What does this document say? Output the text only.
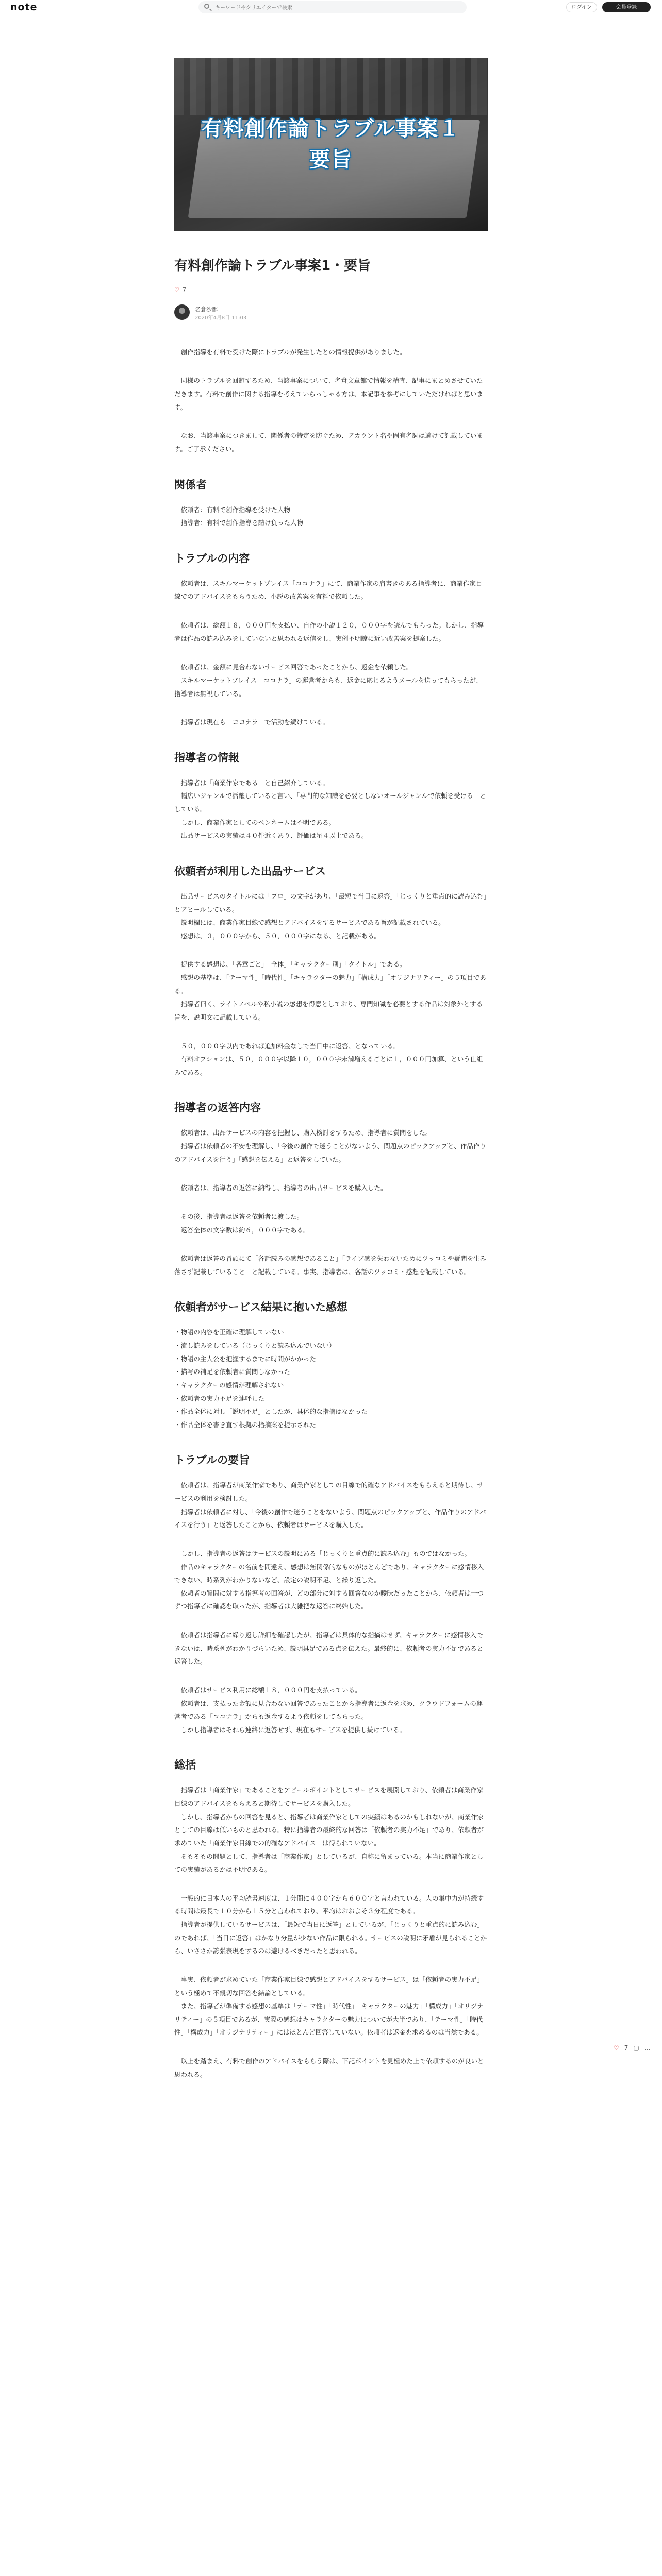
note
キーワードやクリエイターで検索	ログイン	会員登録
有料創作論トラブル事案１
要旨
有料創作論トラブル事案1・要旨
♡ 7
名倉沙都
2020年4月8日 11:03

　創作指導を有料で受けた際にトラブルが発生したとの情報提供がありました。

　同様のトラブルを回避するため、当該事案について、名倉文章館で情報を精査、記事にまとめさせていただきます。有料で創作に関する指導を考えていらっしゃる方は、本記事を参考にしていただければと思います。

　なお、当該事案につきまして、関係者の特定を防ぐため、アカウント名や固有名詞は避けて記載しています。ご了承ください。

関係者

　依頼者：有料で創作指導を受けた人物
　指導者：有料で創作指導を請け負った人物

トラブルの内容

　依頼者は、スキルマーケットプレイス「ココナラ」にて、商業作家の肩書きのある指導者に、商業作家目線でのアドバイスをもらうため、小説の改善案を有料で依頼した。

　依頼者は、総額１８，０００円を支払い、自作の小説１２０，０００字を読んでもらった。しかし、指導者は作品の読み込みをしていないと思われる返信をし、実例不明瞭に近い改善案を提案した。

　依頼者は、金額に見合わないサービス回答であったことから、返金を依頼した。
　スキルマーケットプレイス「ココナラ」の運営者からも、返金に応じるようメールを送ってもらったが、指導者は無視している。

　指導者は現在も「ココナラ」で活動を続けている。

指導者の情報

　指導者は「商業作家である」と自己紹介している。
　幅広いジャンルで活躍していると言い、「専門的な知識を必要としないオールジャンルで依頼を受ける」としている。
　しかし、商業作家としてのペンネームは不明である。
　出品サービスの実績は４０件近くあり、評価は星４以上である。

依頼者が利用した出品サービス

　出品サービスのタイトルには「プロ」の文字があり、「最短で当日に返答」「じっくりと重点的に読み込む」とアピールしている。
　説明欄には、商業作家目線で感想とアドバイスをするサービスである旨が記載されている。
　感想は、３，０００字から、５０，０００字になる、と記載がある。

　提供する感想は、「各章ごと」「全体」「キャラクター別」「タイトル」である。
　感想の基準は、「テーマ性」「時代性」「キャラクターの魅力」「構成力」「オリジナリティー」の５項目である。
　指導者曰く、ライトノベルや私小説の感想を得意としており、専門知識を必要とする作品は対象外とする旨を、説明文に記載している。

　５０，０００字以内であれば追加料金なしで当日中に返答、となっている。
　有料オプションは、５０，０００字以降１０，０００字未満増えるごとに１，０００円加算、という仕組みである。

指導者の返答内容

　依頼者は、出品サービスの内容を把握し、購入検討をするため、指導者に質問をした。
　指導者は依頼者の不安を理解し、「今後の創作で迷うことがないよう、問題点のピックアップと、作品作りのアドバイスを行う」「感想を伝える」と返答をしていた。

　依頼者は、指導者の返答に納得し、指導者の出品サービスを購入した。

　その後、指導者は返答を依頼者に渡した。
　返答全体の文字数は約６，０００字である。

　依頼者は返答の冒頭にて「各話読みの感想であること」「ライブ感を失わないためにツッコミや疑問を生み落さず記載していること」と記載している。事実、指導者は、各話のツッコミ・感想を記載している。

依頼者がサービス結果に抱いた感想
・ 物語の内容を正確に理解していない
・ 流し読みをしている（じっくりと読み込んでいない）
・ 物語の主人公を把握するまでに時間がかかった
・ 描写の補足を依頼者に質問しなかった
・ キャラクターの感情が理解されない
・ 依頼者の実力不足を連呼した
・ 作品全体に対し「説明不足」としたが、具体的な指摘はなかった
・ 作品全体を書き直す根拠の指摘案を提示された
トラブルの要旨

　依頼者は、指導者が商業作家であり、商業作家としての目線で的確なアドバイスをもらえると期待し、サービスの利用を検討した。
　指導者は依頼者に対し、「今後の創作で迷うことをないよう、問題点のピックアップと、作品作りのアドバイスを行う」と返答したことから、依頼者はサービスを購入した。

　しかし、指導者の返答はサービスの説明にある「じっくりと重点的に読み込む」ものではなかった。
　作品のキャラクターの名前を間違え、感想は無関係的なものがほとんどであり、キャラクターに感情移入できない、時系列がわかりないなど、設定の説明不足、と繰り返した。
　依頼者の質問に対する指導者の回答が、どの部分に対する回答なのか曖昧だったことから、依頼者は一つずつ指導者に確認を取ったが、指導者は大雑把な返答に終始した。

　依頼者は指導者に繰り返し詳細を確認したが、指導者は具体的な指摘はせず、キャラクターに感情移入できないは、時系列がわかりづらいため、説明具足である点を伝えた。最終的に、依頼者の実力不足であると返答した。

　依頼者はサービス利用に総額１８，０００円を支払っている。
　依頼者は、支払った金額に見合わない回答であったことから指導者に返金を求め、クラウドフォームの運営者である「ココナラ」からも返金するよう依頼をしてもらった。
　しかし指導者はそれら連絡に返答せず、現在もサービスを提供し続けている。

総括

　指導者は「商業作家」であることをアピールポイントとしてサービスを展開しており、依頼者は商業作家目線のアドバイスをもらえると期待してサービスを購入した。
　しかし、指導者からの回答を見ると、指導者は商業作家としての実績はあるのかもしれないが、商業作家としての目線は低いものと思われる。特に指導者の最終的な回答は「依頼者の実力不足」であり、依頼者が求めていた「商業作家目線での的確なアドバイス」は得られていない。
　そもそもの問題として、指導者は「商業作家」としているが、自称に留まっている。本当に商業作家としての実績があるかは不明である。

　一般的に日本人の平均読書速度は、１分間に４００字から６００字と言われている。人の集中力が持続する時間は最長で１０分から１５分と言われており、平均はおおよそ３分程度である。
　指導者が提供しているサービスは、「最短で当日に返答」としているが、「じっくりと重点的に読み込む」のであれば、「当日に返答」はかなり分量が少ない作品に限られる。サービスの説明に矛盾が見られることから、いささか誇張表現をするのは避けるべきだったと思われる。

　事実、依頼者が求めていた「商業作家目線で感想とアドバイスをするサービス」は「依頼者の実力不足」という極めて不親切な回答を結論としている。
　また、指導者が準備する感想の基準は「テーマ性」「時代性」「キャラクターの魅力」「構成力」「オリジナリティー」の５項目であるが、実際の感想はキャラクターの魅力についてが大半であり、「テーマ性」「時代性」「構成力」「オリジナリティー」にはほとんど回答していない。依頼者は返金を求めるのは当然である。

　以上を踏まえ、有料で創作のアドバイスをもらう際は、下記ポイントを見極めた上で依頼するのが良いと思われる。

♡ 7 ▢ …
